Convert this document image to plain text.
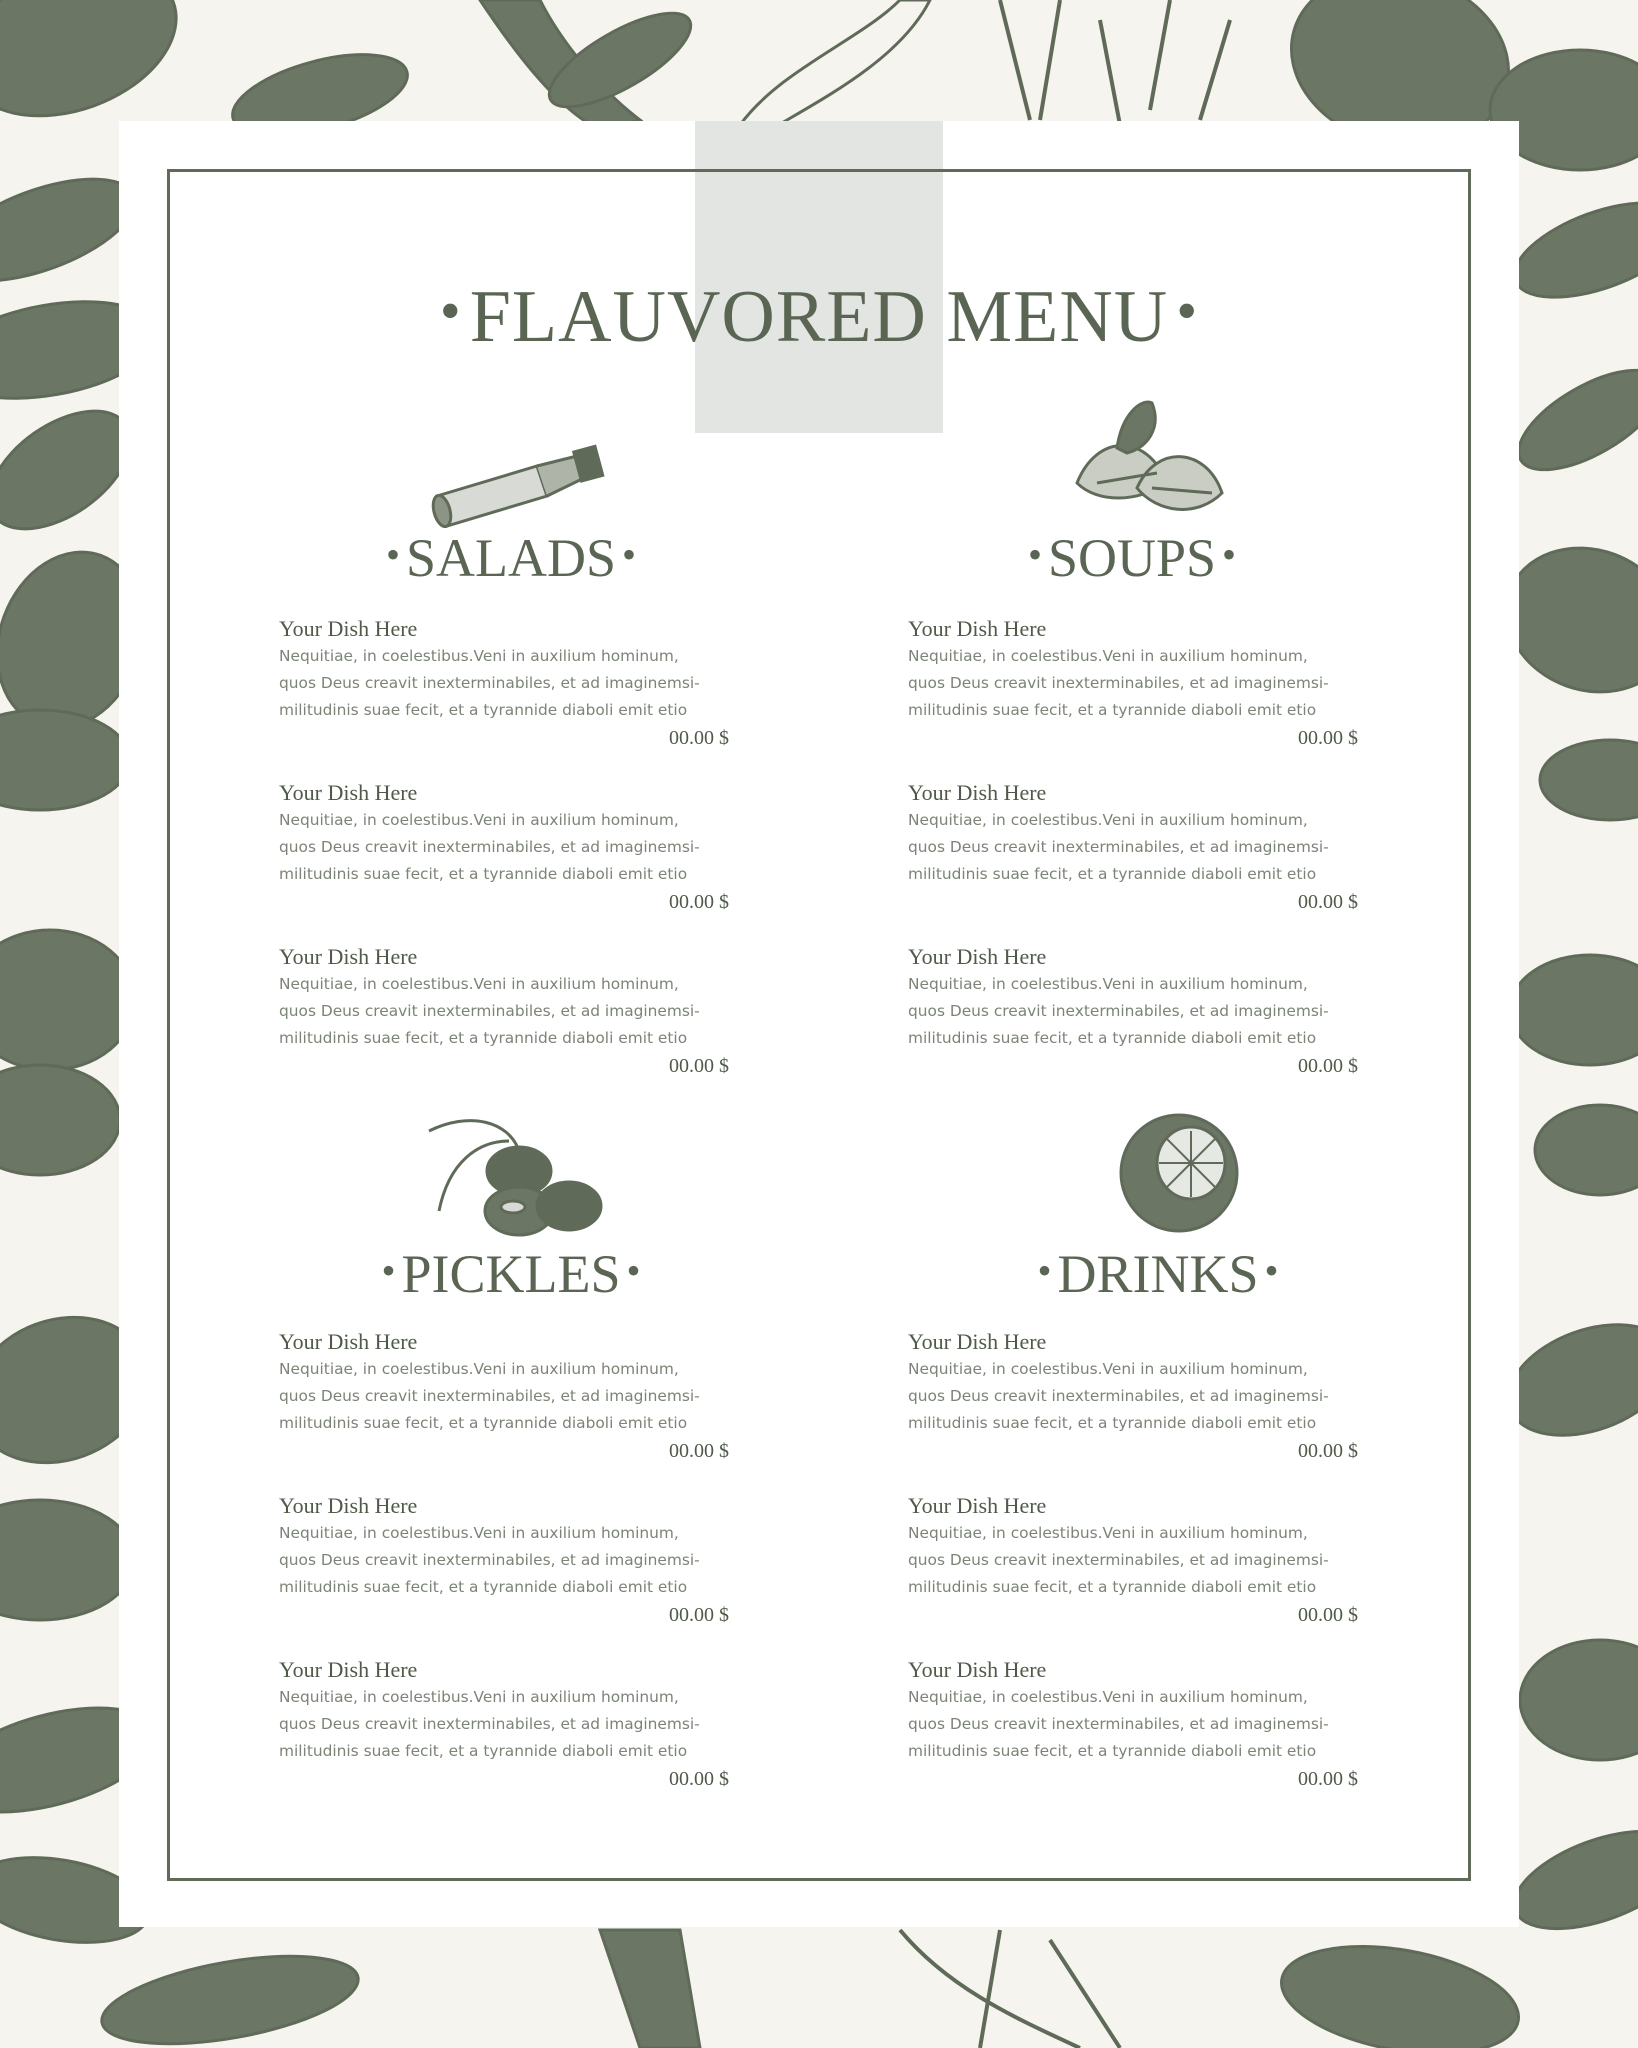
• FLAUVORED MENU •
• SALADS •
Your Dish Here
Nequitiae, in coelestibus.Veni in auxilium hominum,
quos Deus creavit inexterminabiles, et ad imaginemsi-
militudinis suae fecit, et a tyrannide diaboli emit etio
00.00 $
Your Dish Here
Nequitiae, in coelestibus.Veni in auxilium hominum,
quos Deus creavit inexterminabiles, et ad imaginemsi-
militudinis suae fecit, et a tyrannide diaboli emit etio
00.00 $
Your Dish Here
Nequitiae, in coelestibus.Veni in auxilium hominum,
quos Deus creavit inexterminabiles, et ad imaginemsi-
militudinis suae fecit, et a tyrannide diaboli emit etio
00.00 $
• SOUPS •
Your Dish Here
Nequitiae, in coelestibus.Veni in auxilium hominum,
quos Deus creavit inexterminabiles, et ad imaginemsi-
militudinis suae fecit, et a tyrannide diaboli emit etio
00.00 $
Your Dish Here
Nequitiae, in coelestibus.Veni in auxilium hominum,
quos Deus creavit inexterminabiles, et ad imaginemsi-
militudinis suae fecit, et a tyrannide diaboli emit etio
00.00 $
Your Dish Here
Nequitiae, in coelestibus.Veni in auxilium hominum,
quos Deus creavit inexterminabiles, et ad imaginemsi-
militudinis suae fecit, et a tyrannide diaboli emit etio
00.00 $
• PICKLES •
Your Dish Here
Nequitiae, in coelestibus.Veni in auxilium hominum,
quos Deus creavit inexterminabiles, et ad imaginemsi-
militudinis suae fecit, et a tyrannide diaboli emit etio
00.00 $
Your Dish Here
Nequitiae, in coelestibus.Veni in auxilium hominum,
quos Deus creavit inexterminabiles, et ad imaginemsi-
militudinis suae fecit, et a tyrannide diaboli emit etio
00.00 $
Your Dish Here
Nequitiae, in coelestibus.Veni in auxilium hominum,
quos Deus creavit inexterminabiles, et ad imaginemsi-
militudinis suae fecit, et a tyrannide diaboli emit etio
00.00 $
• DRINKS •
Your Dish Here
Nequitiae, in coelestibus.Veni in auxilium hominum,
quos Deus creavit inexterminabiles, et ad imaginemsi-
militudinis suae fecit, et a tyrannide diaboli emit etio
00.00 $
Your Dish Here
Nequitiae, in coelestibus.Veni in auxilium hominum,
quos Deus creavit inexterminabiles, et ad imaginemsi-
militudinis suae fecit, et a tyrannide diaboli emit etio
00.00 $
Your Dish Here
Nequitiae, in coelestibus.Veni in auxilium hominum,
quos Deus creavit inexterminabiles, et ad imaginemsi-
militudinis suae fecit, et a tyrannide diaboli emit etio
00.00 $
